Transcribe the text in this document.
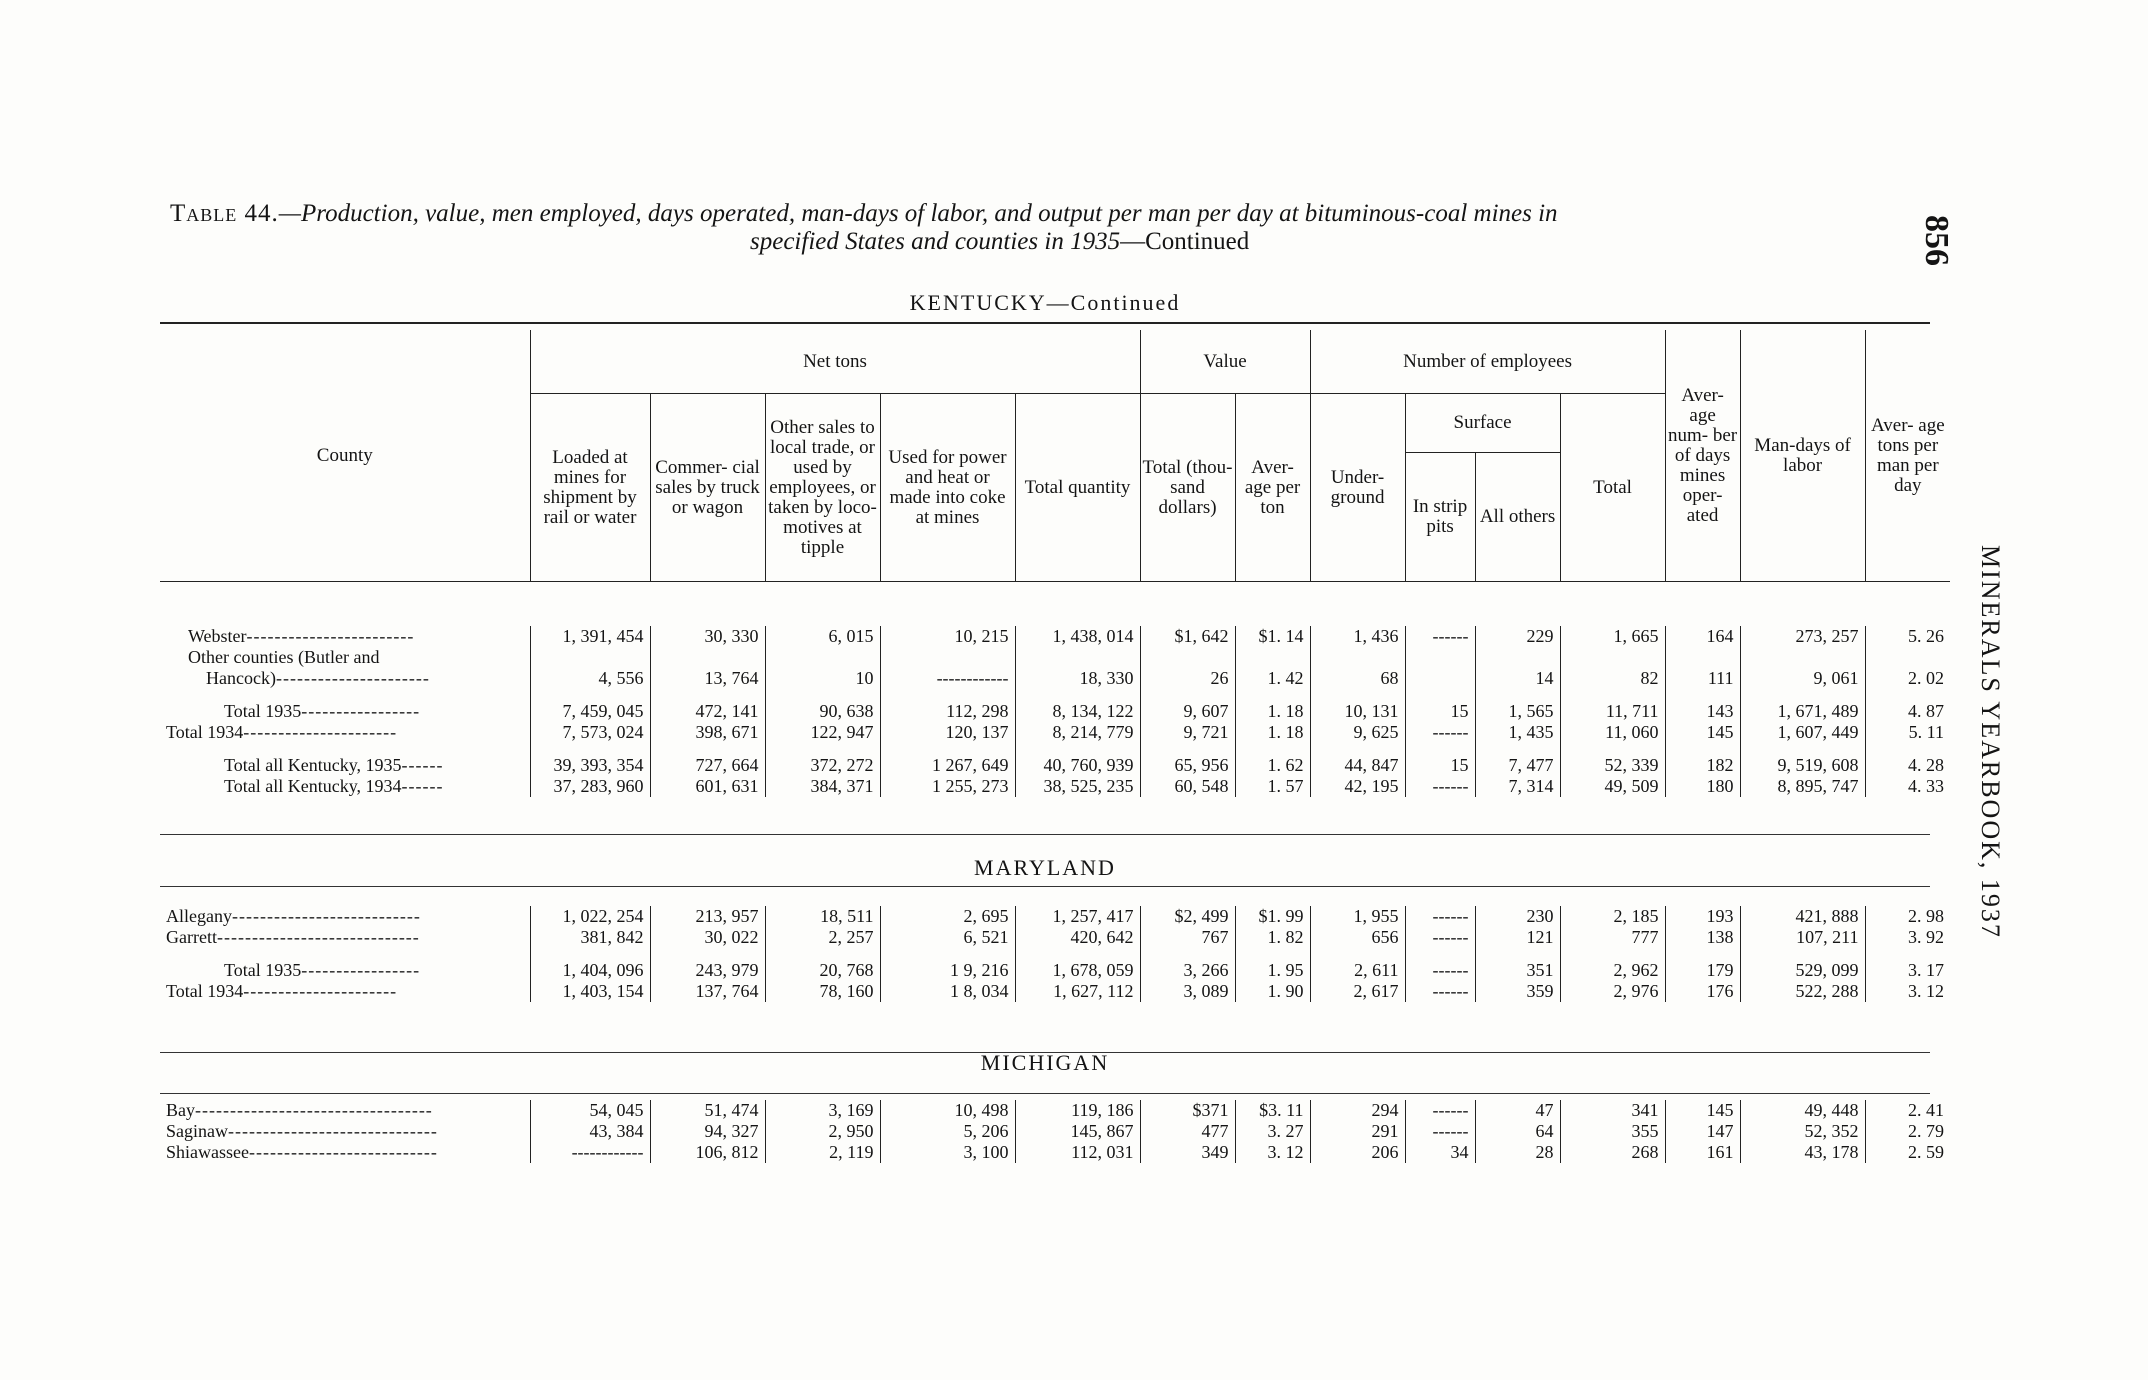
Table 44.—Production, value, men employed, days operated, man-days of labor, and output per man per day at bituminous-coal mines in
specified States and counties in 1935—Continued	856
MINERALS YEARBOOK, 1937
KENTUCKY—Continued
County	Net tons					Value		Number of employees				Aver- age num- ber of days mines oper- ated	Man-days of labor	Aver- age tons per man per day
	Loaded at mines for shipment by rail or water	Commer- cial sales by truck or wagon	Other sales to local trade, or used by employees, or taken by loco- motives at tipple	Used for power and heat or made into coke at mines	Total quantity	Total (thou- sand dollars)	Aver- age per ton	Under- ground	Surface		Total			
									In strip pits	All others				
Webster------------------------	1, 391, 454	30, 330	6, 015	10, 215	1, 438, 014	$1, 642	$1. 14	1, 436	------	229	1, 665	164	273, 257	5. 26
Other counties (Butler and
Hancock)----------------------	4, 556	13, 764	10	------------	18, 330	26	1. 42	68		14	82	111	9, 061	2. 02

Total 1935-----------------	7, 459, 045	472, 141	90, 638	112, 298	8, 134, 122	9, 607	1. 18	10, 131	15	1, 565	11, 711	143	1, 671, 489	4. 87
Total 1934----------------------	7, 573, 024	398, 671	122, 947	120, 137	8, 214, 779	9, 721	1. 18	9, 625	------	1, 435	11, 060	145	1, 607, 449	5. 11

Total all Kentucky, 1935------	39, 393, 354	727, 664	372, 272	1 267, 649	40, 760, 939	65, 956	1. 62	44, 847	15	7, 477	52, 339	182	9, 519, 608	4. 28
Total all Kentucky, 1934------	37, 283, 960	601, 631	384, 371	1 255, 273	38, 525, 235	60, 548	1. 57	42, 195	------	7, 314	49, 509	180	8, 895, 747	4. 33
MARYLAND
Allegany---------------------------	1, 022, 254	213, 957	18, 511	2, 695	1, 257, 417	$2, 499	$1. 99	1, 955	------	230	2, 185	193	421, 888	2. 98
Garrett-----------------------------	381, 842	30, 022	2, 257	6, 521	420, 642	767	1. 82	656	------	121	777	138	107, 211	3. 92

Total 1935-----------------	1, 404, 096	243, 979	20, 768	1 9, 216	1, 678, 059	3, 266	1. 95	2, 611	------	351	2, 962	179	529, 099	3. 17
Total 1934----------------------	1, 403, 154	137, 764	78, 160	1 8, 034	1, 627, 112	3, 089	1. 90	2, 617	------	359	2, 976	176	522, 288	3. 12
MICHIGAN
Bay----------------------------------	54, 045	51, 474	3, 169	10, 498	119, 186	$371	$3. 11	294	------	47	341	145	49, 448	2. 41
Saginaw------------------------------	43, 384	94, 327	2, 950	5, 206	145, 867	477	3. 27	291	------	64	355	147	52, 352	2. 79
Shiawassee---------------------------	------------	106, 812	2, 119	3, 100	112, 031	349	3. 12	206	34	28	268	161	43, 178	2. 59
